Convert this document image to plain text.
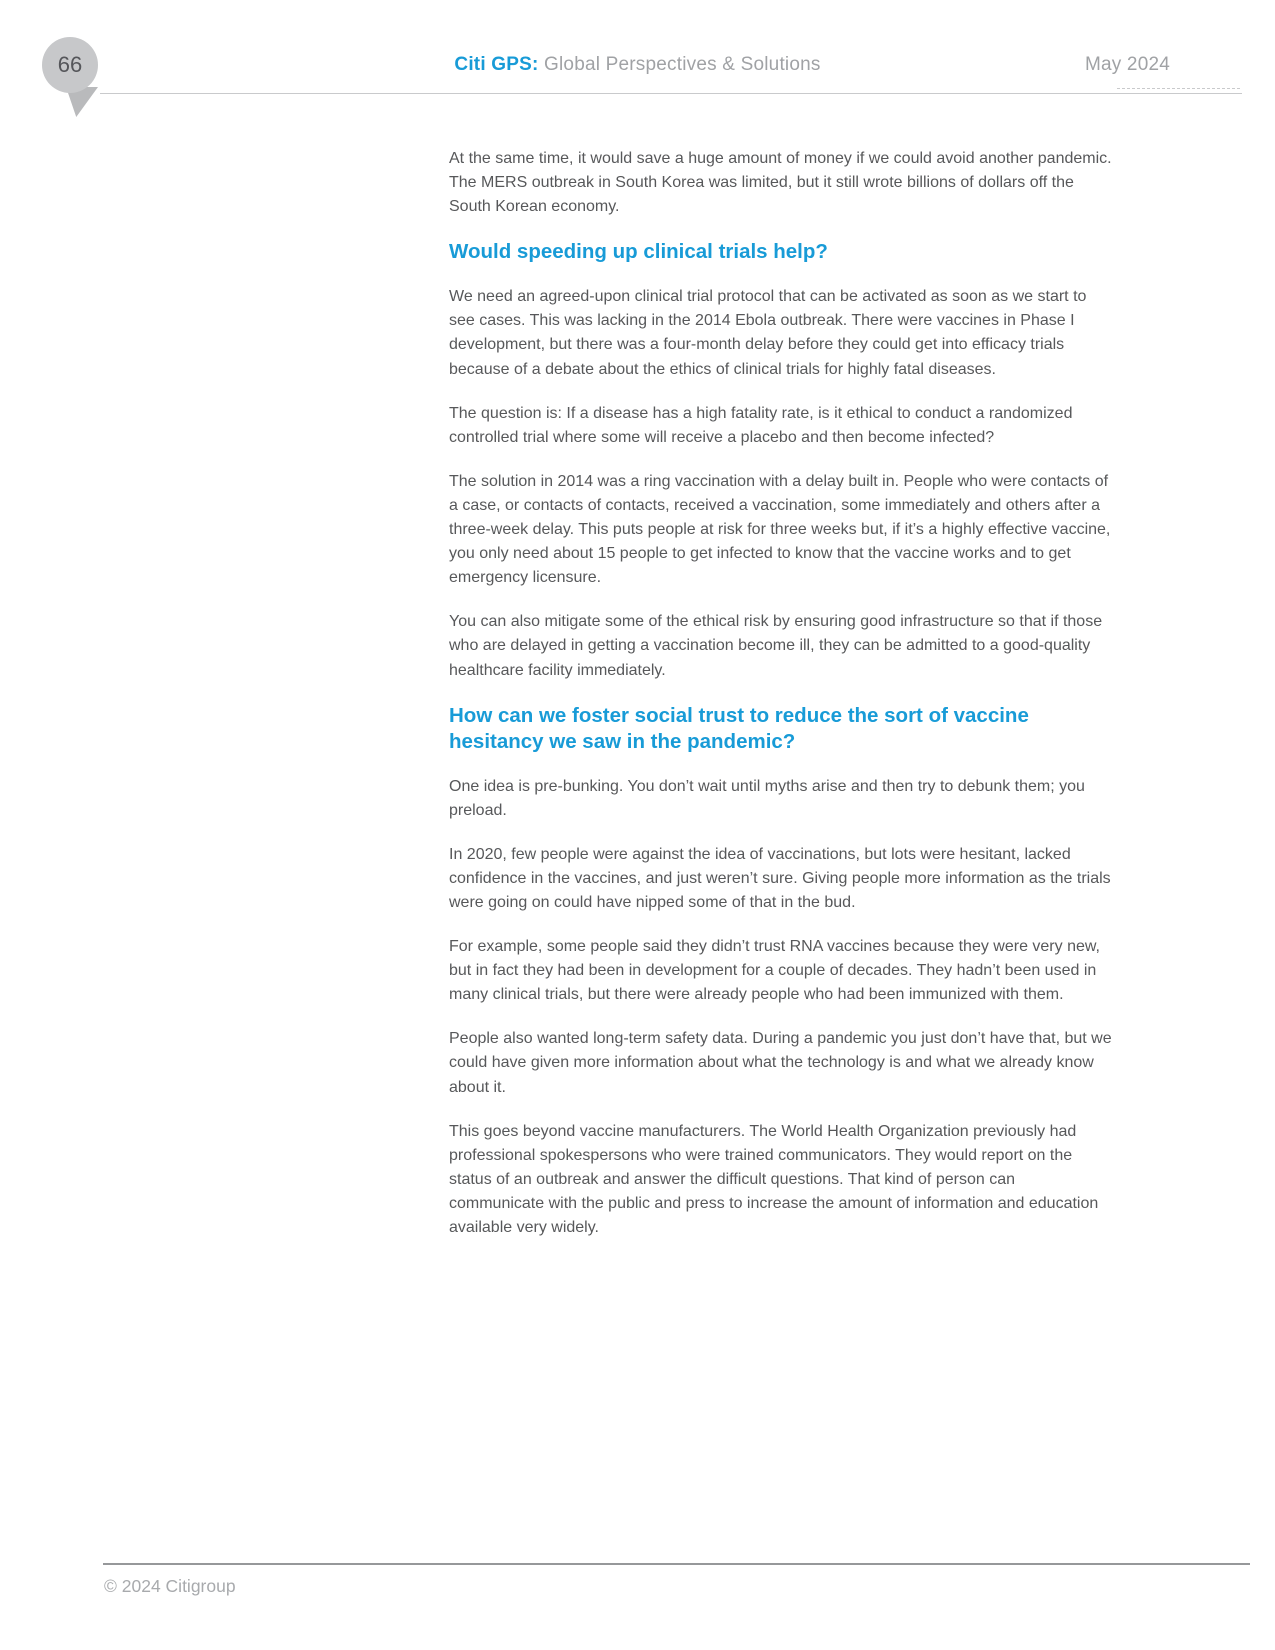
66	Citi GPS: Global Perspectives & Solutions	May 2024

At the same time, it would save a huge amount of money if we could avoid another pandemic. The MERS outbreak in South Korea was limited, but it still wrote billions of dollars off the South Korean economy.

Would speeding up clinical trials help?

We need an agreed-upon clinical trial protocol that can be activated as soon as we start to see cases. This was lacking in the 2014 Ebola outbreak. There were vaccines in Phase I development, but there was a four-month delay before they could get into efficacy trials because of a debate about the ethics of clinical trials for highly fatal diseases.

The question is: If a disease has a high fatality rate, is it ethical to conduct a randomized controlled trial where some will receive a placebo and then become infected?

The solution in 2014 was a ring vaccination with a delay built in. People who were contacts of a case, or contacts of contacts, received a vaccination, some immediately and others after a three-week delay. This puts people at risk for three weeks but, if it’s a highly effective vaccine, you only need about 15 people to get infected to know that the vaccine works and to get emergency licensure.

You can also mitigate some of the ethical risk by ensuring good infrastructure so that if those who are delayed in getting a vaccination become ill, they can be admitted to a good-quality healthcare facility immediately.

How can we foster social trust to reduce the sort of vaccine hesitancy we saw in the pandemic?

One idea is pre-bunking. You don’t wait until myths arise and then try to debunk them; you preload.

In 2020, few people were against the idea of vaccinations, but lots were hesitant, lacked confidence in the vaccines, and just weren’t sure. Giving people more information as the trials were going on could have nipped some of that in the bud.

For example, some people said they didn’t trust RNA vaccines because they were very new, but in fact they had been in development for a couple of decades. They hadn’t been used in many clinical trials, but there were already people who had been immunized with them.

People also wanted long-term safety data. During a pandemic you just don’t have that, but we could have given more information about what the technology is and what we already know about it.

This goes beyond vaccine manufacturers. The World Health Organization previously had professional spokespersons who were trained communicators. They would report on the status of an outbreak and answer the difficult questions. That kind of person can communicate with the public and press to increase the amount of information and education available very widely.

© 2024 Citigroup
